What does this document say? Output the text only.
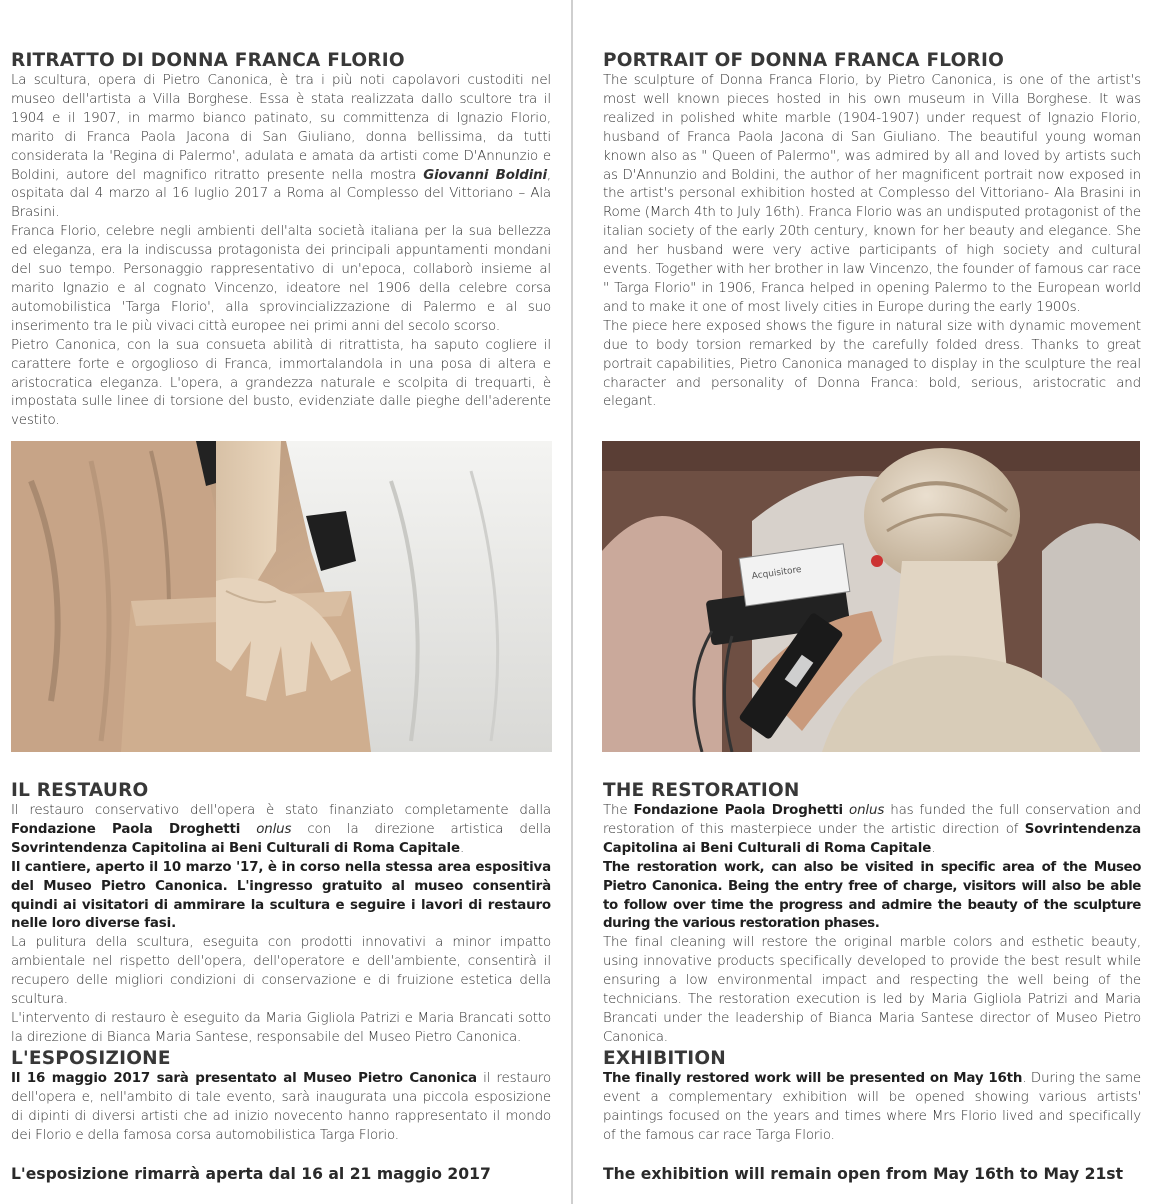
RITRATTO DI DONNA FRANCA FLORIO

La scultura, opera di Pietro Canonica, è tra i più noti capolavori custoditi nel museo dell'artista a Villa Borghese. Essa è stata realizzata dallo scultore tra il 1904 e il 1907, in marmo bianco patinato, su committenza di Ignazio Florio, marito di Franca Paola Jacona di San Giuliano, donna bellissima, da tutti considerata la 'Regina di Palermo', adulata e amata da artisti come D'Annunzio e Boldini, autore del magnifico ritratto presente nella mostra Giovanni Boldini, ospitata dal 4 marzo al 16 luglio 2017 a Roma al Complesso del Vittoriano – Ala Brasini.

Franca Florio, celebre negli ambienti dell'alta società italiana per la sua bellezza ed eleganza, era la indiscussa protagonista dei principali appuntamenti mondani del suo tempo. Personaggio rappresentativo di un'epoca, collaborò insieme al marito Ignazio e al cognato Vincenzo, ideatore nel 1906 della celebre corsa automobilistica 'Targa Florio', alla sprovincializzazione di Palermo e al suo inserimento tra le più vivaci città europee nei primi anni del secolo scorso.

Pietro Canonica, con la sua consueta abilità di ritrattista, ha saputo cogliere il carattere forte e orgoglioso di Franca, immortalandola in una posa di altera e aristocratica eleganza. L'opera, a grandezza naturale e scolpita di trequarti, è impostata sulle linee di torsione del busto, evidenziate dalle pieghe dell'aderente vestito.

PORTRAIT OF DONNA FRANCA FLORIO

The sculpture of Donna Franca Florio, by Pietro Canonica, is one of the artist's most well known pieces hosted in his own museum in Villa Borghese. It was realized in polished white marble (1904-1907) under request of Ignazio Florio, husband of Franca Paola Jacona di San Giuliano. The beautiful young woman known also as " Queen of Palermo", was admired by all and loved by artists such as D'Annunzio and Boldini, the author of her magnificent portrait now exposed in the artist's personal exhibition hosted at Complesso del Vittoriano- Ala Brasini in Rome (March 4th to July 16th). Franca Florio was an undisputed protagonist of the italian society of the early 20th century, known for her beauty and elegance. She and her husband were very active participants of high society and cultural events. Together with her brother in law Vincenzo, the founder of famous car race " Targa Florio" in 1906, Franca helped in opening Palermo to the European world and to make it one of most lively cities in Europe during the early 1900s.

The piece here exposed shows the figure in natural size with dynamic movement due to body torsion remarked by the carefully folded dress. Thanks to great portrait capabilities, Pietro Canonica managed to display in the sculpture the real character and personality of Donna Franca: bold, serious, aristocratic and elegant.

Acquisitore
IL RESTAURO

Il restauro conservativo dell'opera è stato finanziato completamente dalla Fondazione Paola Droghetti onlus con la direzione artistica della Sovrintendenza Capitolina ai Beni Culturali di Roma Capitale.

Il cantiere, aperto il 10 marzo '17, è in corso nella stessa area espositiva del Museo Pietro Canonica. L'ingresso gratuito al museo consentirà quindi ai visitatori di ammirare la scultura e seguire i lavori di restauro nelle loro diverse fasi.

La pulitura della scultura, eseguita con prodotti innovativi a minor impatto ambientale nel rispetto dell'opera, dell'operatore e dell'ambiente, consentirà il recupero delle migliori condizioni di conservazione e di fruizione estetica della scultura.

L'intervento di restauro è eseguito da Maria Gigliola Patrizi e Maria Brancati sotto la direzione di Bianca Maria Santese, responsabile del Museo Pietro Canonica.

L'ESPOSIZIONE

Il 16 maggio 2017 sarà presentato al Museo Pietro Canonica il restauro dell'opera e, nell'ambito di tale evento, sarà inaugurata una piccola esposizione di dipinti di diversi artisti che ad inizio novecento hanno rappresentato il mondo dei Florio e della famosa corsa automobilistica Targa Florio.

L'esposizione rimarrà aperta dal 16 al 21 maggio 2017

THE RESTORATION

The Fondazione Paola Droghetti onlus has funded the full conservation and restoration of this masterpiece under the artistic direction of Sovrintendenza Capitolina ai Beni Culturali di Roma Capitale.

The restoration work, can also be visited in specific area of the Museo Pietro Canonica. Being the entry free of charge, visitors will also be able to follow over time the progress and admire the beauty of the sculpture during the various restoration phases.

The final cleaning will restore the original marble colors and esthetic beauty, using innovative products specifically developed to provide the best result while ensuring a low environmental impact and respecting the well being of the technicians. The restoration execution is led by Maria Gigliola Patrizi and Maria Brancati under the leadership of Bianca Maria Santese director of Museo Pietro Canonica.

EXHIBITION

The finally restored work will be presented on May 16th. During the same event a complementary exhibition will be opened showing various artists' paintings focused on the years and times where Mrs Florio lived and specifically of the famous car race Targa Florio.

The exhibition will remain open from May 16th to May 21st
